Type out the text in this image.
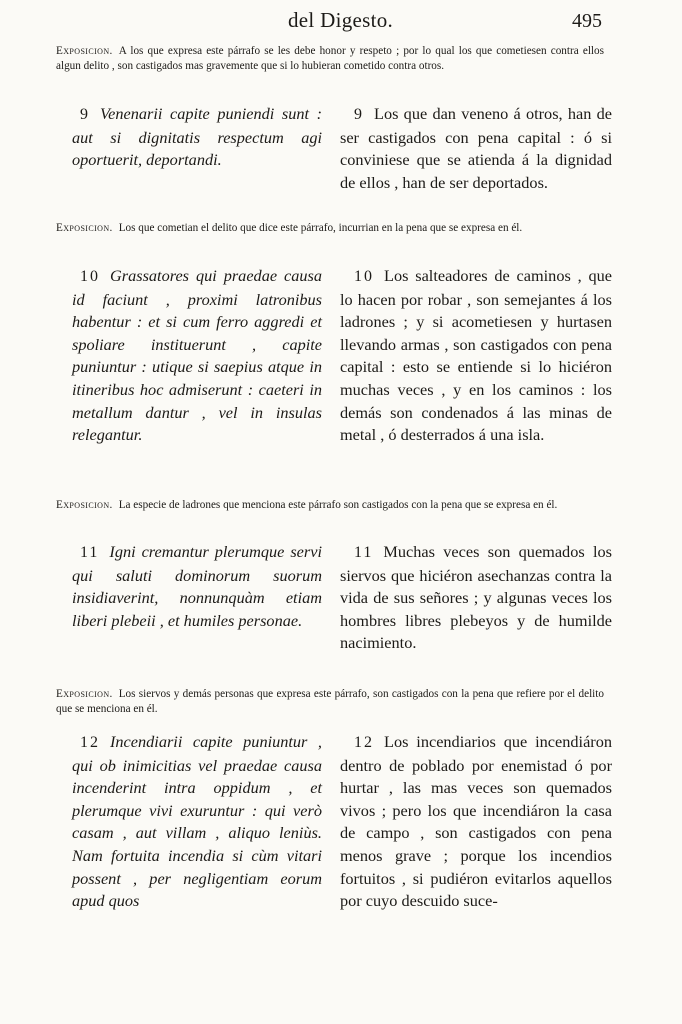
del Digesto.	495
Exposicion. A los que expresa este párrafo se les debe honor y respeto ; por lo qual los que cometiesen contra ellos algun delito , son castigados mas gravemente que si lo hubieran cometido contra otros.
9 Venenarii capite puniendi sunt : aut si dignitatis respectum agi oportuerit, deportandi.
9 Los que dan veneno á otros, han de ser castigados con pena capital : ó si conviniese que se atienda á la dignidad de ellos , han de ser deportados.
Exposicion. Los que cometian el delito que dice este párrafo, incurrian en la pena que se expresa en él.
10 Grassatores qui praedae causa id faciunt , proximi latronibus habentur : et si cum ferro aggredi et spoliare instituerunt , capite puniuntur : utique si saepius atque in itineribus hoc admiserunt : caeteri in metallum dantur , vel in insulas relegantur.
10 Los salteadores de caminos , que lo hacen por robar , son semejantes á los ladrones ; y si acometiesen y hurtasen llevando armas , son castigados con pena capital : esto se entiende si lo hiciéron muchas veces , y en los caminos : los demás son condenados á las minas de metal , ó desterrados á una isla.
Exposicion. La especie de ladrones que menciona este párrafo son castigados con la pena que se expresa en él.
11 Igni cremantur plerumque servi qui saluti dominorum suorum insidiaverint, nonnunquàm etiam liberi plebeii , et humiles personae.
11 Muchas veces son quemados los siervos que hiciéron asechanzas contra la vida de sus señores ; y algunas veces los hombres libres plebeyos y de humilde nacimiento.
Exposicion. Los siervos y demás personas que expresa este párrafo, son castigados con la pena que refiere por el delito que se menciona en él.
12 Incendiarii capite puniuntur , qui ob inimicitias vel praedae causa incenderint intra oppidum , et plerumque vivi exuruntur : qui verò casam , aut villam , aliquo leniùs. Nam fortuita incendia si cùm vitari possent , per negligentiam eorum apud quos
12 Los incendiarios que incendiáron dentro de poblado por enemistad ó por hurtar , las mas veces son quemados vivos ; pero los que incendiáron la casa de campo , son castigados con pena menos grave ; porque los incendios fortuitos , si pudiéron evitarlos aquellos por cuyo descuido suce-
